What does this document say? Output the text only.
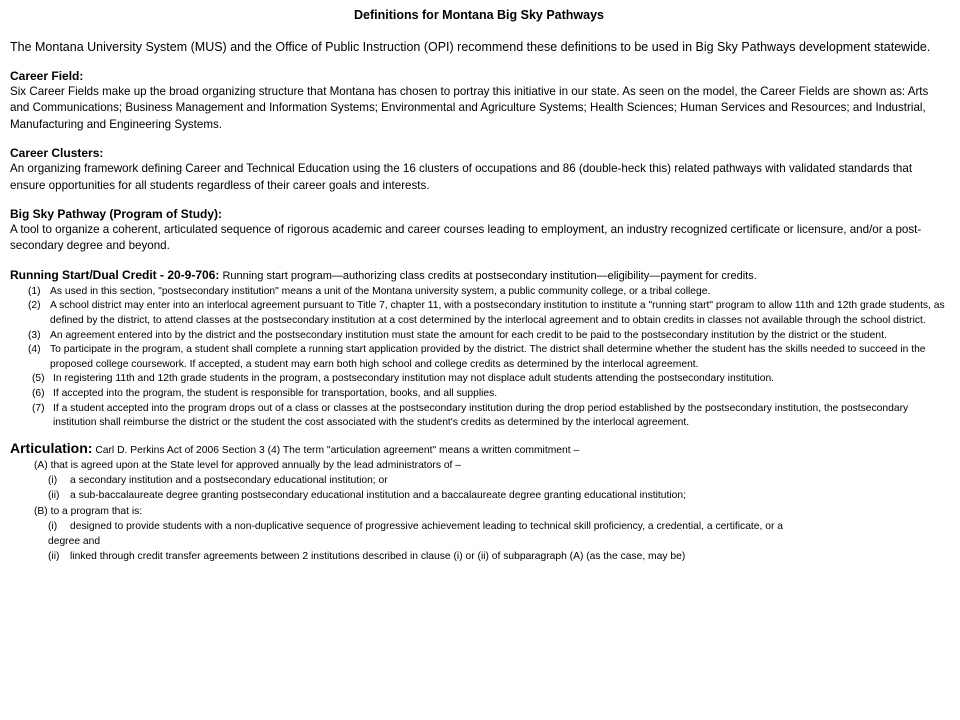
Definitions for Montana Big Sky Pathways

The Montana University System (MUS) and the Office of Public Instruction (OPI) recommend these definitions to be used in Big Sky Pathways development statewide.

Career Field:

Six Career Fields make up the broad organizing structure that Montana has chosen to portray this initiative in our state. As seen on the model, the Career Fields are shown as: Arts and Communications; Business Management and Information Systems; Environmental and Agriculture Systems; Health Sciences; Human Services and Resources; and Industrial, Manufacturing and Engineering Systems.

Career Clusters:

An organizing framework defining Career and Technical Education using the 16 clusters of occupations and 86 (double-heck this) related pathways with validated standards that ensure opportunities for all students regardless of their career goals and interests.

Big Sky Pathway (Program of Study):

A tool to organize a coherent, articulated sequence of rigorous academic and career courses leading to employment, an industry recognized certificate or licensure, and/or a post-secondary degree and beyond.

Running Start/Dual Credit - 20-9-706: Running start program—authorizing class credits at postsecondary institution—eligibility—payment for credits.

(1) As used in this section, "postsecondary institution" means a unit of the Montana university system, a public community college, or a tribal college.
(2) A school district may enter into an interlocal agreement pursuant to Title 7, chapter 11, with a postsecondary institution to institute a "running start" program to allow 11th and 12th grade students, as defined by the district, to attend classes at the postsecondary institution at a cost determined by the interlocal agreement and to obtain credits in classes not available through the school district.
(3) An agreement entered into by the district and the postsecondary institution must state the amount for each credit to be paid to the postsecondary institution by the district or the student.
(4) To participate in the program, a student shall complete a running start application provided by the district. The district shall determine whether the student has the skills needed to succeed in the proposed college coursework. If accepted, a student may earn both high school and college credits as determined by the interlocal agreement.
(5) In registering 11th and 12th grade students in the program, a postsecondary institution may not displace adult students attending the postsecondary institution.
(6) If accepted into the program, the student is responsible for transportation, books, and all supplies.
(7) If a student accepted into the program drops out of a class or classes at the postsecondary institution during the drop period established by the postsecondary institution, the postsecondary institution shall reimburse the district or the student the cost associated with the student's credits as determined by the interlocal agreement.

Articulation: Carl D. Perkins Act of 2006 Section 3 (4) The term "articulation agreement" means a written commitment –

(A) that is agreed upon at the State level for approved annually by the lead administrators of –

(i) a secondary institution and a postsecondary educational institution; or

(ii) a sub-baccalaureate degree granting postsecondary educational institution and a baccalaureate degree granting educational institution;

(B) to a program that is:

(i) designed to provide students with a non-duplicative sequence of progressive achievement leading to technical skill proficiency, a credential, a certificate, or a

degree and

(ii) linked through credit transfer agreements between 2 institutions described in clause (i) or (ii) of subparagraph (A) (as the case, may be)
